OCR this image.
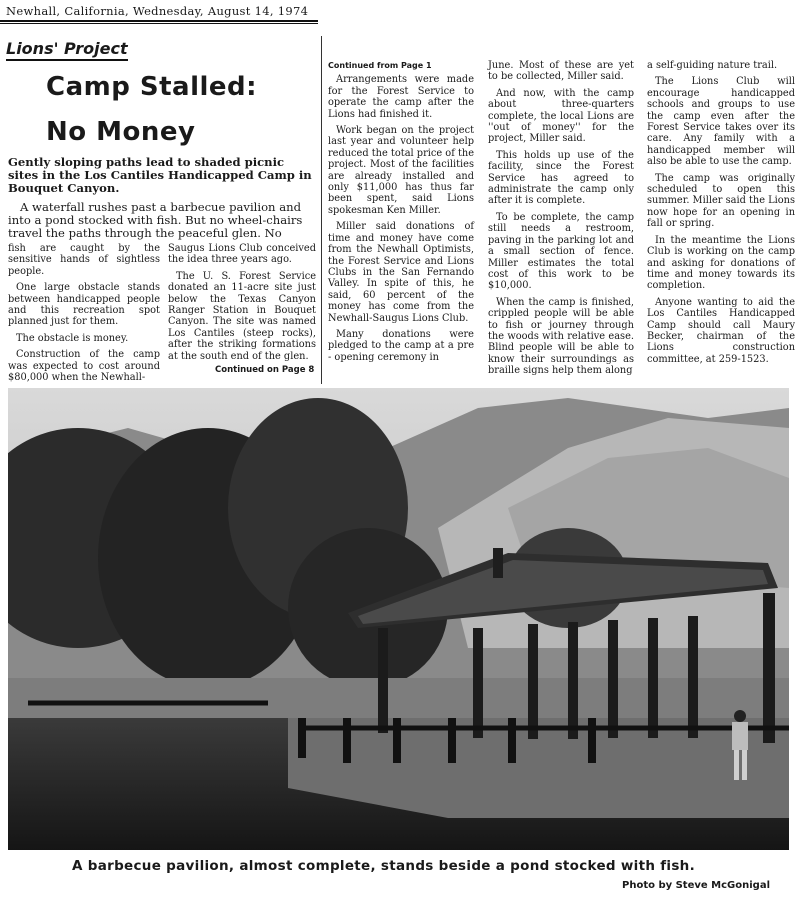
Newhall, California, Wednesday, August 14, 1974
Lions' Project
Camp Stalled:
No Money
Gently sloping paths lead to shaded picnic sites in the Los Cantiles Handicapped Camp in Bouquet Canyon.
A waterfall rushes past a barbecue pavilion and into a pond stocked with fish. But no wheel-chairs travel the paths through the peaceful glen. No

fish are caught by the sensitive hands of sightless people.

One large obstacle stands between handicapped people and this recreation spot planned just for them.

The obstacle is money.

Construction of the camp was expected to cost around $80,000 when the Newhall-

Saugus Lions Club conceived the idea three years ago.

The U. S. Forest Service donated an 11-acre site just below the Texas Canyon Ranger Station in Bouquet Canyon. The site was named Los Cantiles (steep rocks), after the striking formations at the south end of the glen.

Continued on Page 8
Continued from Page 1

Arrangements were made for the Forest Service to operate the camp after the Lions had finished it.

Work began on the project last year and volunteer help reduced the total price of the project. Most of the facilities are already installed and only $11,000 has thus far been spent, said Lions spokesman Ken Miller.

Miller said donations of time and money have come from the Newhall Optimists, the Forest Service and Lions Clubs in the San Fernando Valley. In spite of this, he said, 60 percent of the money has come from the Newhall-Saugus Lions Club.

Many donations were pledged to the camp at a pre - opening ceremony in

June. Most of these are yet to be collected, Miller said.

And now, with the camp about three-quarters complete, the local Lions are ''out of money'' for the project, Miller said.

This holds up use of the facility, since the Forest Service has agreed to administrate the camp only after it is complete.

To be complete, the camp still needs a restroom, paving in the parking lot and a small section of fence. Miller estimates the total cost of this work to be $10,000.

When the camp is finished, crippled people will be able to fish or journey through the woods with relative ease. Blind people will be able to know their surroundings as braille signs help them along

a self-guiding nature trail.

The Lions Club will encourage handicapped schools and groups to use the camp even after the Forest Service takes over its care. Any family with a handicapped member will also be able to use the camp.

The camp was originally scheduled to open this summer. Miller said the Lions now hope for an opening in fall or spring.

In the meantime the Lions Club is working on the camp and asking for donations of time and money towards its completion.

Anyone wanting to aid the Los Cantiles Handicapped Camp should call Maury Becker, chairman of the Lions construction committee, at 259-1523.

A barbecue pavilion, almost complete, stands beside a pond stocked with fish.
Photo by Steve McGonigal
